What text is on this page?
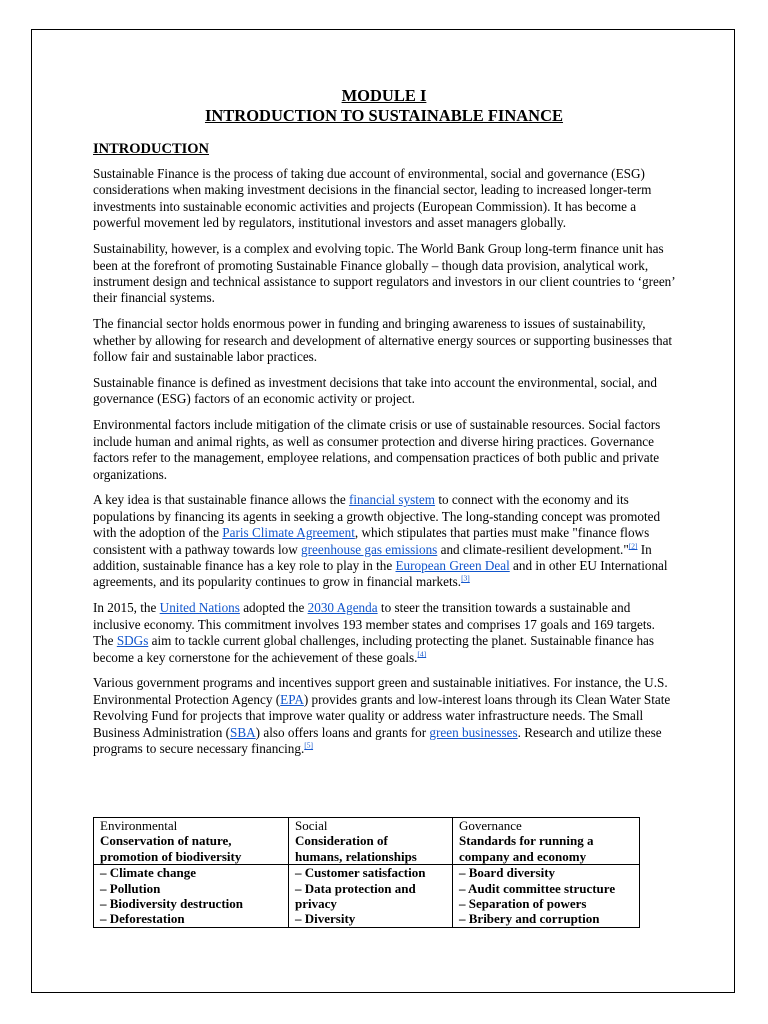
MODULE I

INTRODUCTION TO SUSTAINABLE FINANCE

INTRODUCTION

Sustainable Finance is the process of taking due account of environmental, social and governance (ESG) considerations when making investment decisions in the financial sector, leading to increased longer-term investments into sustainable economic activities and projects (European Commission). It has become a powerful movement led by regulators, institutional investors and asset managers globally.

Sustainability, however, is a complex and evolving topic. The World Bank Group long-term finance unit has been at the forefront of promoting Sustainable Finance globally – though data provision, analytical work, instrument design and technical assistance to support regulators and investors in our client countries to ‘green’ their financial systems.

The financial sector holds enormous power in funding and bringing awareness to issues of sustainability, whether by allowing for research and development of alternative energy sources or supporting businesses that follow fair and sustainable labor practices.

Sustainable finance is defined as investment decisions that take into account the environmental, social, and governance (ESG) factors of an economic activity or project.

Environmental factors include mitigation of the climate crisis or use of sustainable resources. Social factors include human and animal rights, as well as consumer protection and diverse hiring practices. Governance factors refer to the management, employee relations, and compensation practices of both public and private organizations.

A key idea is that sustainable finance allows the financial system to connect with the economy and its populations by financing its agents in seeking a growth objective. The long-standing concept was promoted with the adoption of the Paris Climate Agreement, which stipulates that parties must make "finance flows consistent with a pathway towards low greenhouse gas emissions and climate-resilient development."[2] In addition, sustainable finance has a key role to play in the European Green Deal and in other EU International agreements, and its popularity continues to grow in financial markets.[3]

In 2015, the United Nations adopted the 2030 Agenda to steer the transition towards a sustainable and inclusive economy. This commitment involves 193 member states and comprises 17 goals and 169 targets. The SDGs aim to tackle current global challenges, including protecting the planet. Sustainable finance has become a key cornerstone for the achievement of these goals.[4]

Various government programs and incentives support green and sustainable initiatives. For instance, the U.S. Environmental Protection Agency (EPA) provides grants and low-interest loans through its Clean Water State Revolving Fund for projects that improve water quality or address water infrastructure needs. The Small Business Administration (SBA) also offers loans and grants for green businesses. Research and utilize these programs to secure necessary financing.[5]

Environmental
Conservation of nature,
promotion of biodiversity	Social
Consideration of
humans, relationships	Governance
Standards for running a
company and economy

– Climate change
– Pollution
– Biodiversity destruction
– Deforestation	– Customer satisfaction
– Data protection and
privacy
– Diversity	– Board diversity
– Audit committee structure
– Separation of powers
– Bribery and corruption
